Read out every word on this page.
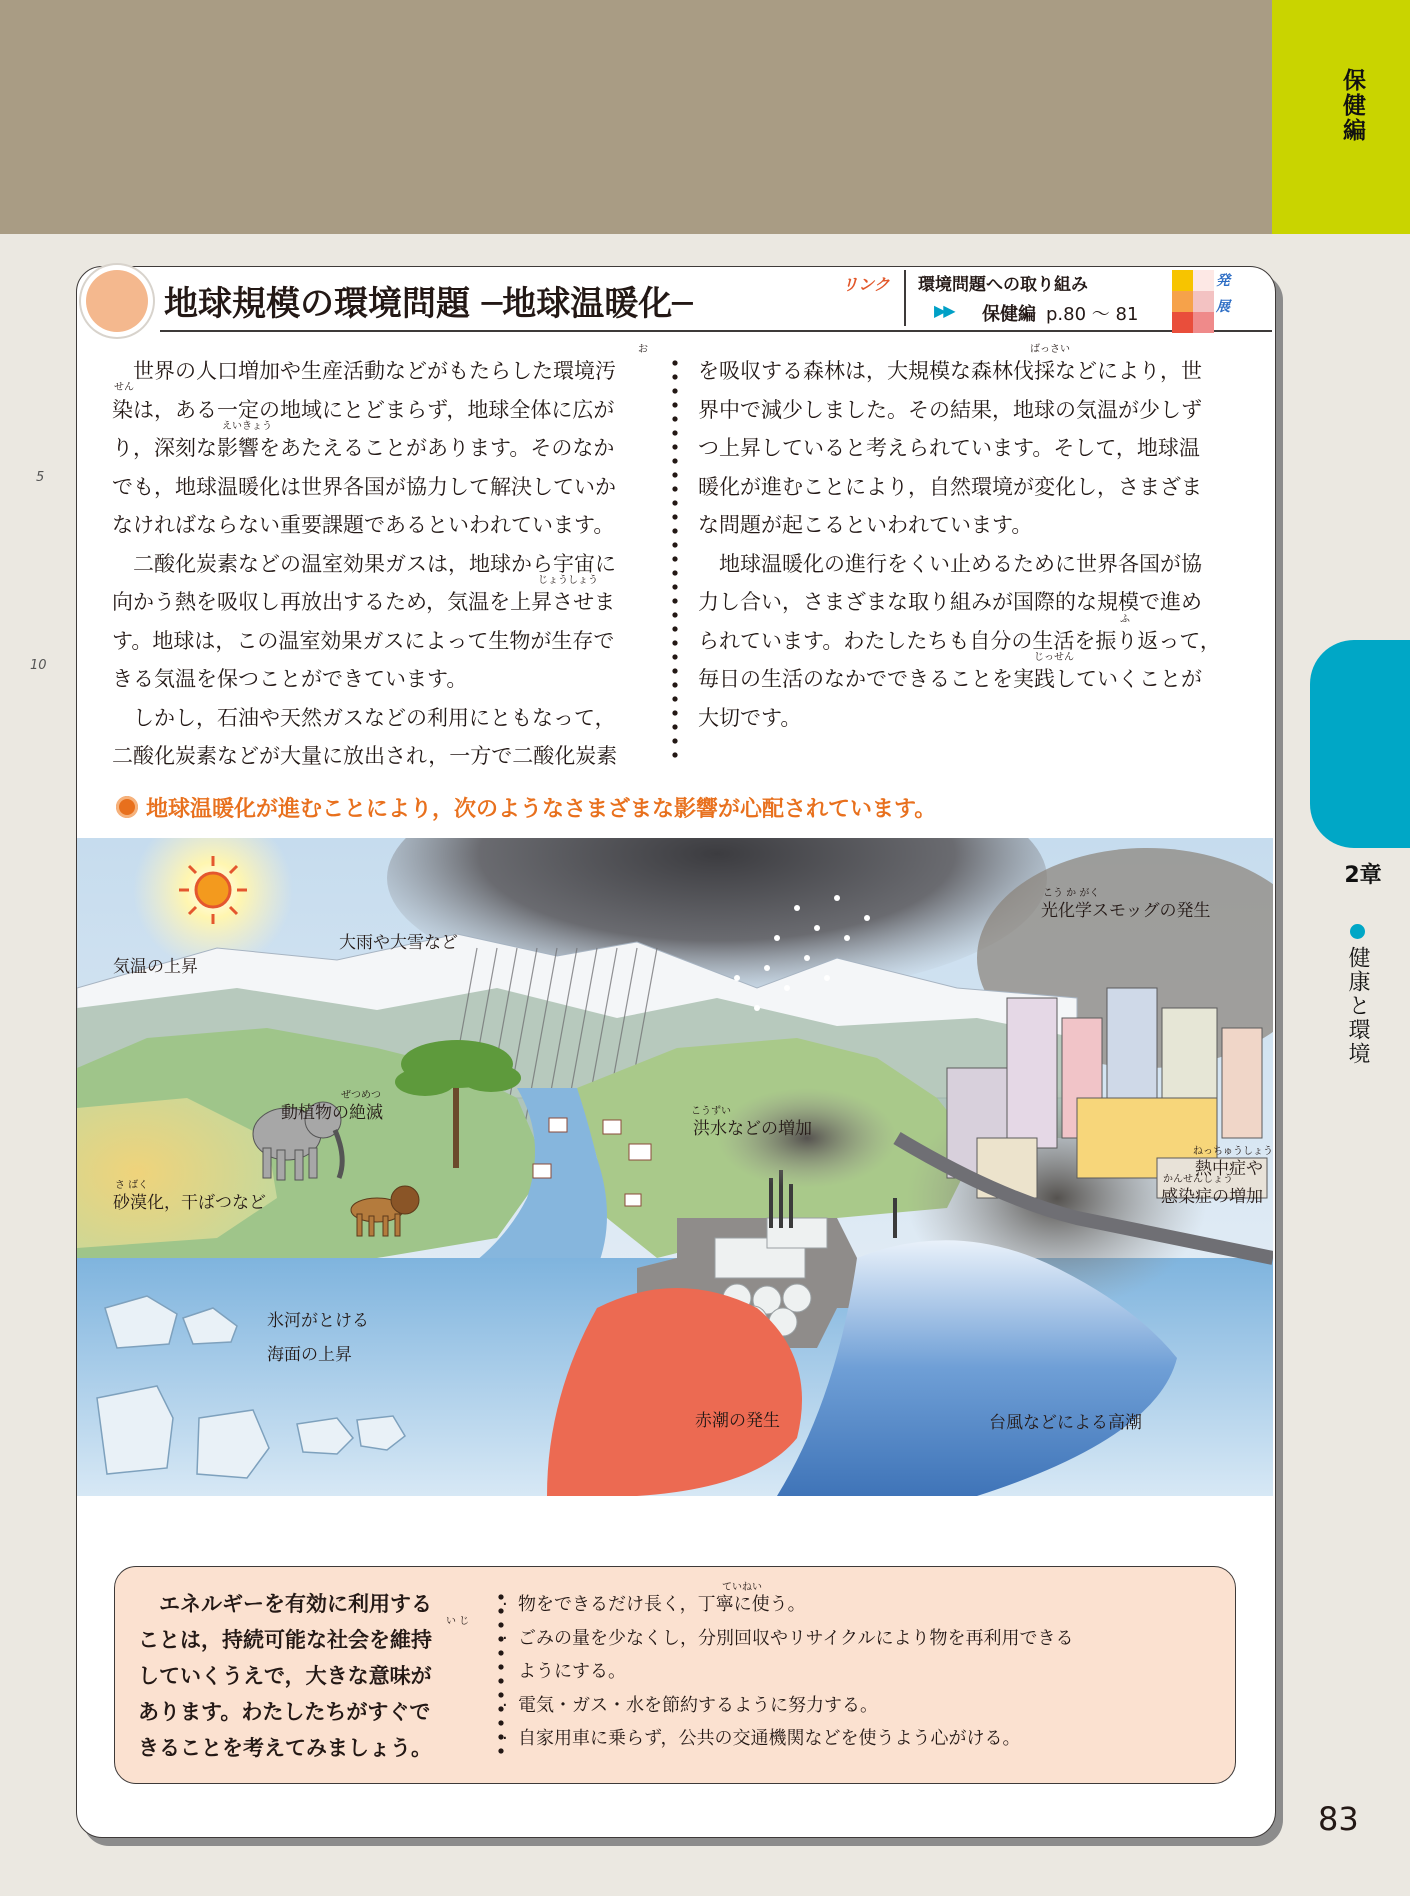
保健編
2章
健康と環境
5
10
地球規模の環境問題 ─地球温暖化─	リンク 環境問題への取り組み
▶▶ 保健編 p.80 ～ 81
発
展

世界の人口増加や生産活動などがもたらした環境汚

染は，ある一定の地域にとどまらず，地球全体に広が

り，深刻な影響をあたえることがあります。そのなか

でも，地球温暖化は世界各国が協力して解決していか

なければならない重要課題であるといわれています。

二酸化炭素などの温室効果ガスは，地球から宇宙に

向かう熱を吸収し再放出するため，気温を上昇させま

す。地球は，この温室効果ガスによって生物が生存で

きる気温を保つことができています。

しかし，石油や天然ガスなどの利用にともなって，

二酸化炭素などが大量に放出され，一方で二酸化炭素

を吸収する森林は，大規模な森林伐採などにより，世

界中で減少しました。その結果，地球の気温が少しず

つ上昇していると考えられています。そして，地球温

暖化が進むことにより，自然環境が変化し，さまざま

な問題が起こるといわれています。

地球温暖化の進行をくい止めるために世界各国が協

力し合い，さまざまな取り組みが国際的な規模で進め

られています。わたしたちも自分の生活を振り返って，

毎日の生活のなかでできることを実践していくことが

大切です。

お
せん
えいきょう
じょうしょう
ばっさい
ふ
じっせん
地球温暖化が進むことにより，次のようなさまざまな影響が心配されています。
気温の上昇
大雨や大雪など
こう か がく
光化学スモッグの発生
ぜつめつ
動植物の絶滅	こうずい
洪水などの増加
さ ばく
砂漠化，干ばつなど
ねっちゅうしょう
熱中症や
かんせんしょう
感染症の増加
氷河がとける
海面の上昇
赤潮の発生	台風などによる高潮

エネルギーを有効に利用する

ことは，持続可能な社会を維持

していくうえで，大きな意味が

あります。わたしたちがすぐで

きることを考えてみましょう。

い じ
· 物をできるだけ長く，丁寧に使う。
· ごみの量を少なくし，分別回収やリサイクルにより物を再利用できる
ようにする。
· 電気・ガス・水を節約するように努力する。
· 自家用車に乗らず，公共の交通機関などを使うよう心がける。
ていねい
83
